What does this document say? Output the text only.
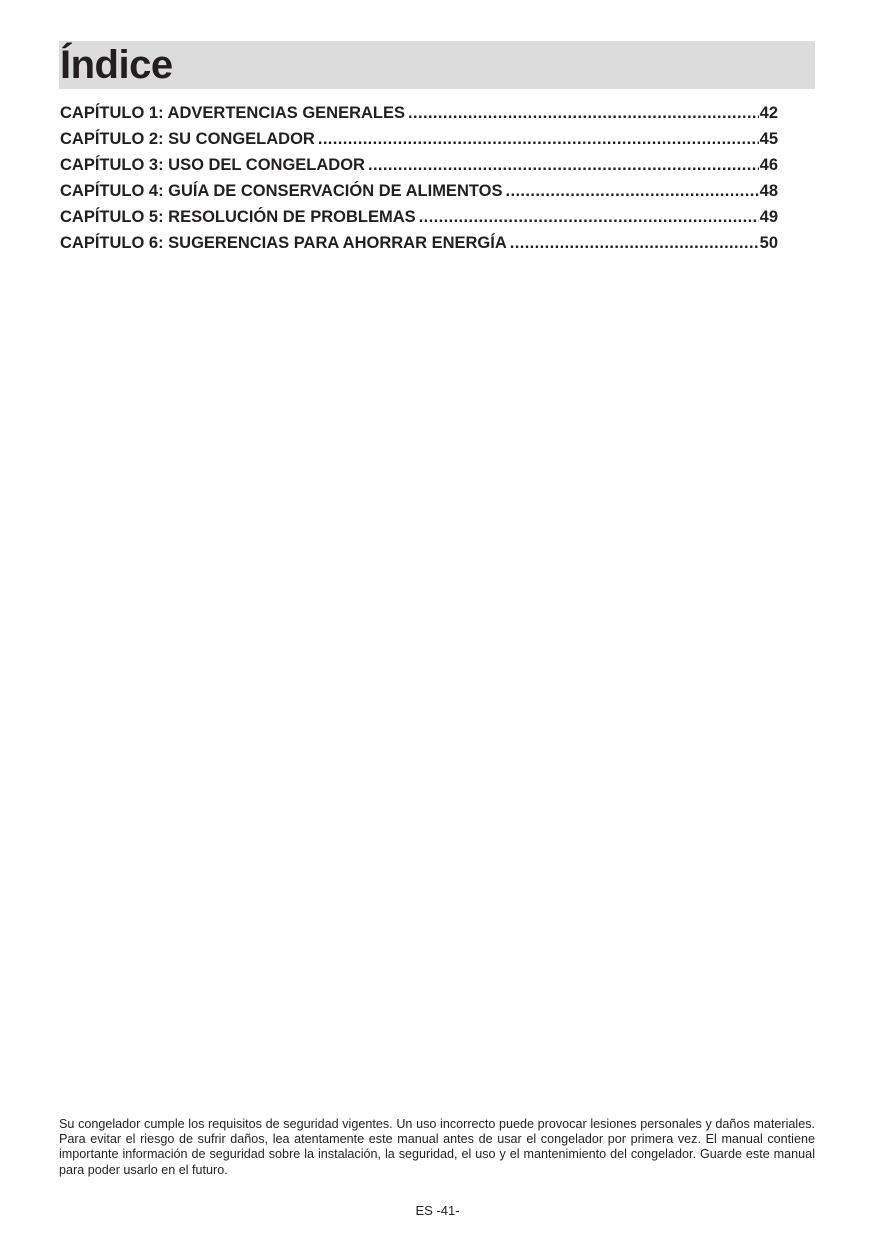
Índice
CAPÍTULO 1: ADVERTENCIAS GENERALES .....	42
CAPÍTULO 2: SU CONGELADOR .....	45
CAPÍTULO 3: USO DEL CONGELADOR .....	46
CAPÍTULO 4: GUÍA DE CONSERVACIÓN DE ALIMENTOS .....	48
CAPÍTULO 5: RESOLUCIÓN DE PROBLEMAS .....	49
CAPÍTULO 6: SUGERENCIAS PARA AHORRAR ENERGÍA .....	50

Su congelador cumple los requisitos de seguridad vigentes. Un uso incorrecto puede provocar lesiones personales y daños materiales. Para evitar el riesgo de sufrir daños, lea atentamente este manual antes de usar el congelador por primera vez. El manual contiene importante información de seguridad sobre la instalación, la seguridad, el uso y el mantenimiento del congelador. Guarde este manual para poder usarlo en el futuro.

ES -41-
